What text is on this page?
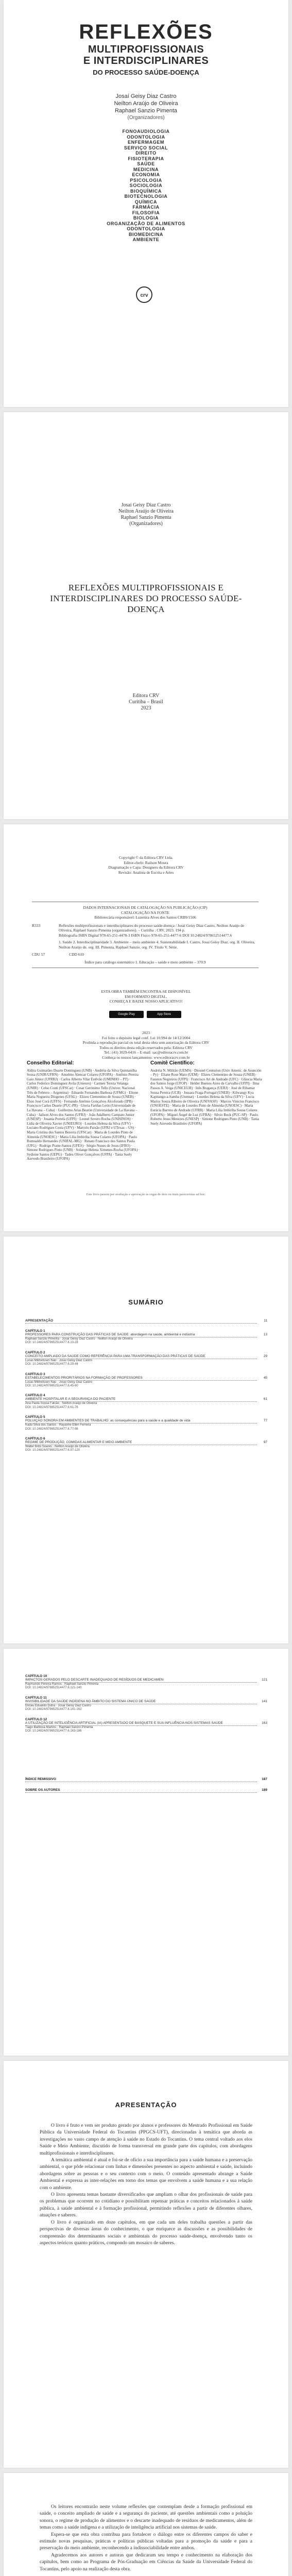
REFLEXÕES
MULTIPROFISSIONAIS
E INTERDISCIPLINARES
DO PROCESSO SAÚDE-DOENÇA
Josaí Geisy Diaz Castro
Neilton Araújo de Oliveira
Raphael Sanzio Pimenta
(Organizadores)
FONOAUDIOLOGIA
ODONTOLOGIA
ENFERMAGEM
SERVIÇO SOCIAL
DIREITO
FISIOTERAPIA
SAÚDE
MEDICINA
ECONOMIA
PSICOLOGIA
SOCIOLOGIA
BIOQUÍMICA
BIOTECNOLOGIA
QUÍMICA
FARMÁCIA
FILOSOFIA
BIOLOGIA
ORGANIZAÇÃO DE ALIMENTOS
ODONTOLOGIA
BIOMEDICINA
AMBIENTE
crv
Josaí Geisy Diaz Castro
Neilton Araújo de Oliveira
Raphael Sanzio Pimenta
(Organizadores)
REFLEXÕES MULTIPROFISSIONAIS E INTERDISCIPLINARES DO PROCESSO SAÚDE-DOENÇA
Editora CRV
Curitiba – Brasil
2023
Copyright © da Editora CRV Ltda.
Editor-chefe: Railson Moura
Diagramação e Capa: Designers da Editora CRV
Revisão: Analista de Escrita e Artes
DADOS INTERNACIONAIS DE CATALOGAÇÃO NA PUBLICAÇÃO (CIP)
CATALOGAÇÃO NA FONTE
Bibliotecária responsável: Luzenira Alves dos Santos CRB9/1506
R333	Reflexões multiprofissionais e interdisciplinares do processo saúde-doença / Josaí Geisy Diaz Castro, Neilton Araújo de Oliveira, Raphael Sanzio Pimenta (organizadores). – Curitiba : CRV, 2023. 194 p.
Bibliografia ISBN Digital 978-65-251-4478-3 ISBN Físico 978-65-251-4477-6 DOI 10.24824/978652514477.6
1. Saúde 2. Interdisciplinaridade 3. Ambiente – meio ambiente 4. Sustentabilidade I. Castro, Josaí Geisy Diaz. org. II. Oliveira, Neilton Araújo de. org. III. Pimenta, Raphael Sanzio. org. IV. Título V. Série.
CDU 57                         CDD 610
Índice para catálogo sistemático 1. Educação – saúde e meio ambiente – 370.9
ESTA OBRA TAMBÉM ENCONTRA-SE DISPONÍVEL
EM FORMATO DIGITAL.
CONHEÇA E BAIXE NOSSO APLICATIVO!
Google Play	App Store
2023
Foi feito o depósito legal conf. Lei 10.994 de 14/12/2004
Proibida a reprodução parcial ou total desta obra sem autorização da Editora CRV
Todos os direitos desta edição reservados pela: Editora CRV
Tel.: (41) 3029-6416 – E-mail: sac@editoracrv.com.br
Conheça os nossos lançamentos: www.editoracrv.com.br
Conselho Editorial:

Aldira Guimarães Duarte Domínguez (UNB) · Andréia da Silva Quintanilha Sousa (UNIR/UFRN) · Anselmo Alencar Colares (UFOPA) · Antônio Pereira Gaio Júnior (UFRRJ) · Carlos Alberto Vilar Estêvão (UMINHO – PT) · Carlos Federico Dominguez Avila (Unieuro) · Carmen Tereza Velanga (UNIR) · Celso Conti (UFSCar) · Cesar Gerónimo Tello (Univer. Nacional Três de Febrero – Argentina) · Eduardo Fernandes Barbosa (UFMG) · Elione Maria Nogueira Diogenes (UFAL) · Elizeu Clementino de Souza (UNEB) · Élsio José Corá (UFFS) · Fernando Antônio Gonçalves Alcoforado (IPB) · Francisco Carlos Duarte (PUC-PR) · Gloria Fariñas León (Universidade de La Havana – Cuba) · Guillermo Arias Beatón (Universidade de La Havana – Cuba) · Jailson Alves dos Santos (UFRJ) · João Adalberto Campato Junior (UNESP) · Josania Portela (UFPI) · Leonel Severo Rocha (UNISINOS) · Lídia de Oliveira Xavier (UNIEURO) · Lourdes Helena da Silva (UFV) · Luciano Rodrigues Costa (UFV) · Marcelo Paixão (UFRJ e UTexas – US) · Maria Cristina dos Santos Bezerra (UFSCar) · Maria de Lourdes Pinto de Almeida (UNOESC) · Maria Lília Imbiriba Sousa Colares (UFOPA) · Paulo Romualdo Hernandes (UNIFAL-MG) · Renato Francisco dos Santos Paula (UFG) · Rodrigo Pratte-Santos (UFES) · Sérgio Nunes de Jesus (IFRO) · Simone Rodrigues Pinto (UNB) · Solange Helena Ximenes-Rocha (UFOPA) · Sydione Santos (UEPG) · Tadeu Oliver Gonçalves (UFPA) · Tania Suely Azevedo Brasileiro (UFOPA)

Comitê Científico:

Andréia N. Militão (UEMS) · Diosnel Centurion (Univ Americ. de Asunción – Py) · Eliane Rose Maio (UEM) · Elizeu Clementino de Souza (UNEB) · Fauston Negreiros (UFPI) · Francisco Ari de Andrade (UFC) · Gláucia Maria dos Santos Jorge (UFOP) · Helder Buenos Aires de Carvalho (UFPI) · Ilma Passos A. Veiga (UNICEUB) · Inês Bragança (UERJ) · José de Ribamar Sousa Pereira (UCB) · Jussara Fraga Portugal (UNEB) · Kilwangy Kya Kapitango-a-Samba (Unemat) · Lourdes Helena da Silva (UFV) · Lucia Marisy Souza Ribeiro de Oliveira (UNIVASF) · Marcos Vinicius Francisco (UNOESTE) · Maria de Lourdes Pinto de Almeida (UNOESC) · Maria Eurácia Barreto de Andrade (UFRB) · Maria Lília Imbiriba Sousa Colares (UFOPA) · Míguel Ángel de Luz (UFBA) · Silvio Bock (PUC-SP) · Paulo Roberto Jesus Menezes (UNESP) · Simone Rodrigues Pinto (UNB) · Tania Suely Azevedo Brasileiro (UFOPA)

Este livro passou por avaliação e aprovação às cegas de dois ou mais pareceristas ad hoc.
SUMÁRIO
APRESENTAÇÃO	11
CAPÍTULO 1
PROFESSORES PARA CONSTRUÇÃO DAS PRÁTICAS DE SAÚDE: abordagem na saúde, ambiental e indústria	13
Raphael Sanzio Pimenta · Josaí Geisy Diaz Castro · Neilton Araújo de Oliveira
DOI: 10.24824/978652514477.6.13-28
CAPÍTULO 2
CONCEITO AMPLIADO DA SAÚDE COMO REFERÊNCIA PARA UMA TRANSFORMAÇÃO DAS PRÁTICAS DE SAÚDE	29
Lucas Mikhelssen Nau · Josaí Geisy Diaz Castro
DOI: 10.24824/978652514477.6.29-44
CAPÍTULO 3
ESTABELECIMENTOS PRIORITÁRIOS NA FORMAÇÃO DE PROFESSORES	45
Lucas Mikhelssen Nau · Josaí Geisy Diaz Castro
DOI: 10.24824/978652514477.6.45-60
CAPÍTULO 4
AMBIENTE HOSPITALAR E A SEGURANÇA DO PACIENTE	61
Ana Paula Sousa Falcão · Neilton Araújo de Oliveira
DOI: 10.24824/978652514477.6.61-76
CAPÍTULO 5
POLUIÇÃO SONORA EM AMBIENTES DE TRABALHO: as consequências para a saúde e a qualidade de vida	77
Kadu Silva dos Santos · Rayanne Ellen Ferreira
DOI: 10.24824/978652514477.6.77-96
CAPÍTULO 6
REGIME DE PRODUÇÃO, COMIDAS ALIMENTAR E MEIO AMBIENTE	97
Walter Brito Soares · Neilton Araújo de Oliveira
DOI: 10.24824/978652514477.6.97-120
CAPÍTULO 10
IMPACTOS GERADOS PELO DESCARTE INADEQUADO DE RESÍDUOS DE MEDICAMEN	121
Raymundo Pereira Ramos · Raphael Sanzio Pimenta
DOI: 10.24824/978652514477.6.121-140
CAPÍTULO 11
INVISIBILIDADE DA SAÚDE INDÍGENA NO ÂMBITO DO SISTEMA ÚNICO DE SAÚDE	141
Dirceu Eduardo Dutra · Josaí Geisy Diaz Castro
DOI: 10.24824/978652514477.6.141-162
CAPÍTULO 12
A UTILIZAÇÃO DE INTELIGÊNCIA ARTIFICIAL (IA) APRESENTADO DE BASQUETE E SUA INFLUÊNCIA NOS SISTEMAS SAÚDE	163
Tiago Barbosa Martins · Raphael Sanzio Pimenta
DOI: 10.24824/978652514477.6.163-186
ÍNDICE REMISSIVO	187
SOBRE OS AUTORES	189
APRESENTAÇÃO

O livro é fruto e vem ser produto gerado por alunos e professores do Mestrado Profissional em Saúde Pública da Universidade Federal do Tocantins (PPGCS-UFT), direcionadas à temática que aborda as investigações no vasto campo de atenção à saúde no Estado do Tocantins. O tema central voltado aos elos Saúde e Meio Ambiente, discutido de forma transversal em grande parte dos capítulos, com abordagens multiprofissionais e interdisciplinares.

A temática ambiental é atual e foi-se de ofício a sua importância para a saúde humana e a preservação ambiental, o que pôde relacionar com linhas e dimensões presentes no aspecto ambiental e saúde, incluindo abordagens sobre as pessoas e o seu contexto com o meio. O conteúdo apresentado abrange a Saúde Ambiental e expressa as inter-relações em torno dos temas que envolvem a saúde humana e a sua relação com o ambiente.

O livro apresenta temas bastante diversificados que ampliam o olhar dos profissionais de saúde para os problemas que ocorrem no cotidiano e possibilitam repensar práticas e conceitos relacionados à saúde pública, à saúde ambiental e à formação profissional, permitindo reflexões a partir de diferentes olhares, atuações e saberes.

O livro é organizado em doze capítulos, em que cada um deles trabalha questões a partir das perspectivas de diversas áreas do conhecimento, o que enriquece as discussões e as possibilidades de compreensão dos determinantes sociais e ambientais do processo saúde-doença, envolvendo tanto os aspectos teóricos quanto práticos, compondo um mosaico de saberes.

Os leitores encontrarão neste volume reflexões que contemplam desde a formação profissional em saúde, o conceito ampliado de saúde e a segurança do paciente, até questões ambientais como a poluição sonora, o regime de produção de alimentos e o descarte inadequado de resíduos de medicamentos, além de temas como a saúde indígena e a utilização de inteligência artificial nos sistemas de saúde.

Espera-se que esta obra contribua para fortalecer o diálogo entre os diferentes campos do saber e estimule novas pesquisas, práticas e políticas públicas voltadas para a promoção da saúde e para a preservação do meio ambiente, reconhecendo a indissociabilidade entre ambos.

Agradecemos aos autores e autoras que dedicaram seu tempo e conhecimento na elaboração dos capítulos, bem como ao Programa de Pós-Graduação em Ciências da Saúde da Universidade Federal do Tocantins, pelo apoio na realização desta obra.
